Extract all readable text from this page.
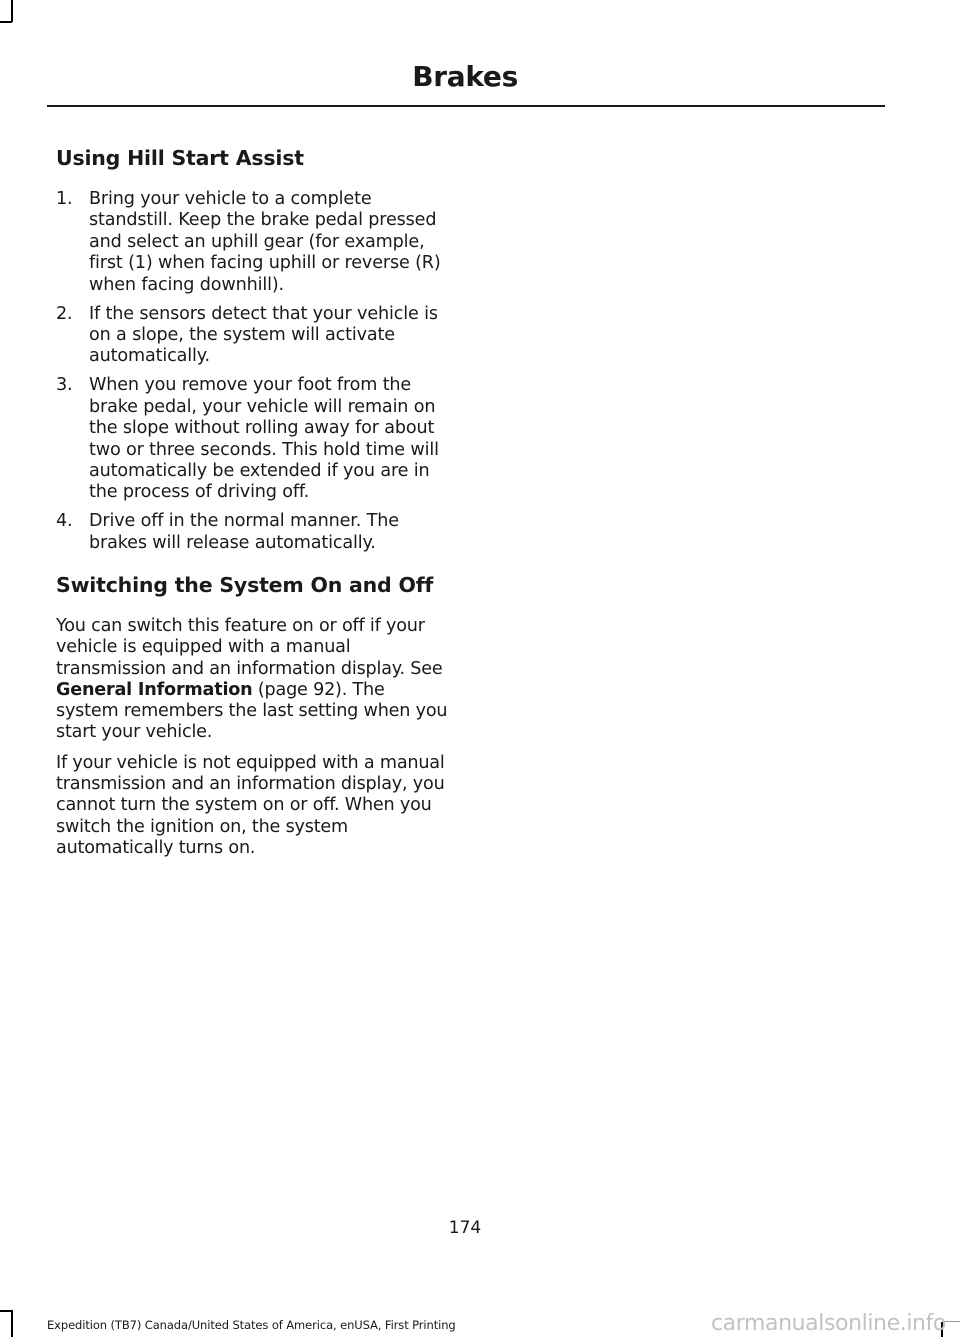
Brakes
Using Hill Start Assist
1. Bring your vehicle to a complete standstill. Keep the brake pedal pressed and select an uphill gear (for example, first (1) when facing uphill or reverse (R) when facing downhill).
2. If the sensors detect that your vehicle is on a slope, the system will activate automatically.
3. When you remove your foot from the brake pedal, your vehicle will remain on the slope without rolling away for about two or three seconds. This hold time will automatically be extended if you are in the process of driving off.
4. Drive off in the normal manner. The brakes will release automatically.
Switching the System On and Off

You can switch this feature on or off if your vehicle is equipped with a manual transmission and an information display. See General Information (page 92). The system remembers the last setting when you start your vehicle.

If your vehicle is not equipped with a manual transmission and an information display, you cannot turn the system on or off. When you switch the ignition on, the system automatically turns on.

174
Expedition (TB7) Canada/United States of America, enUSA, First Printing	carmanualsonline.info
